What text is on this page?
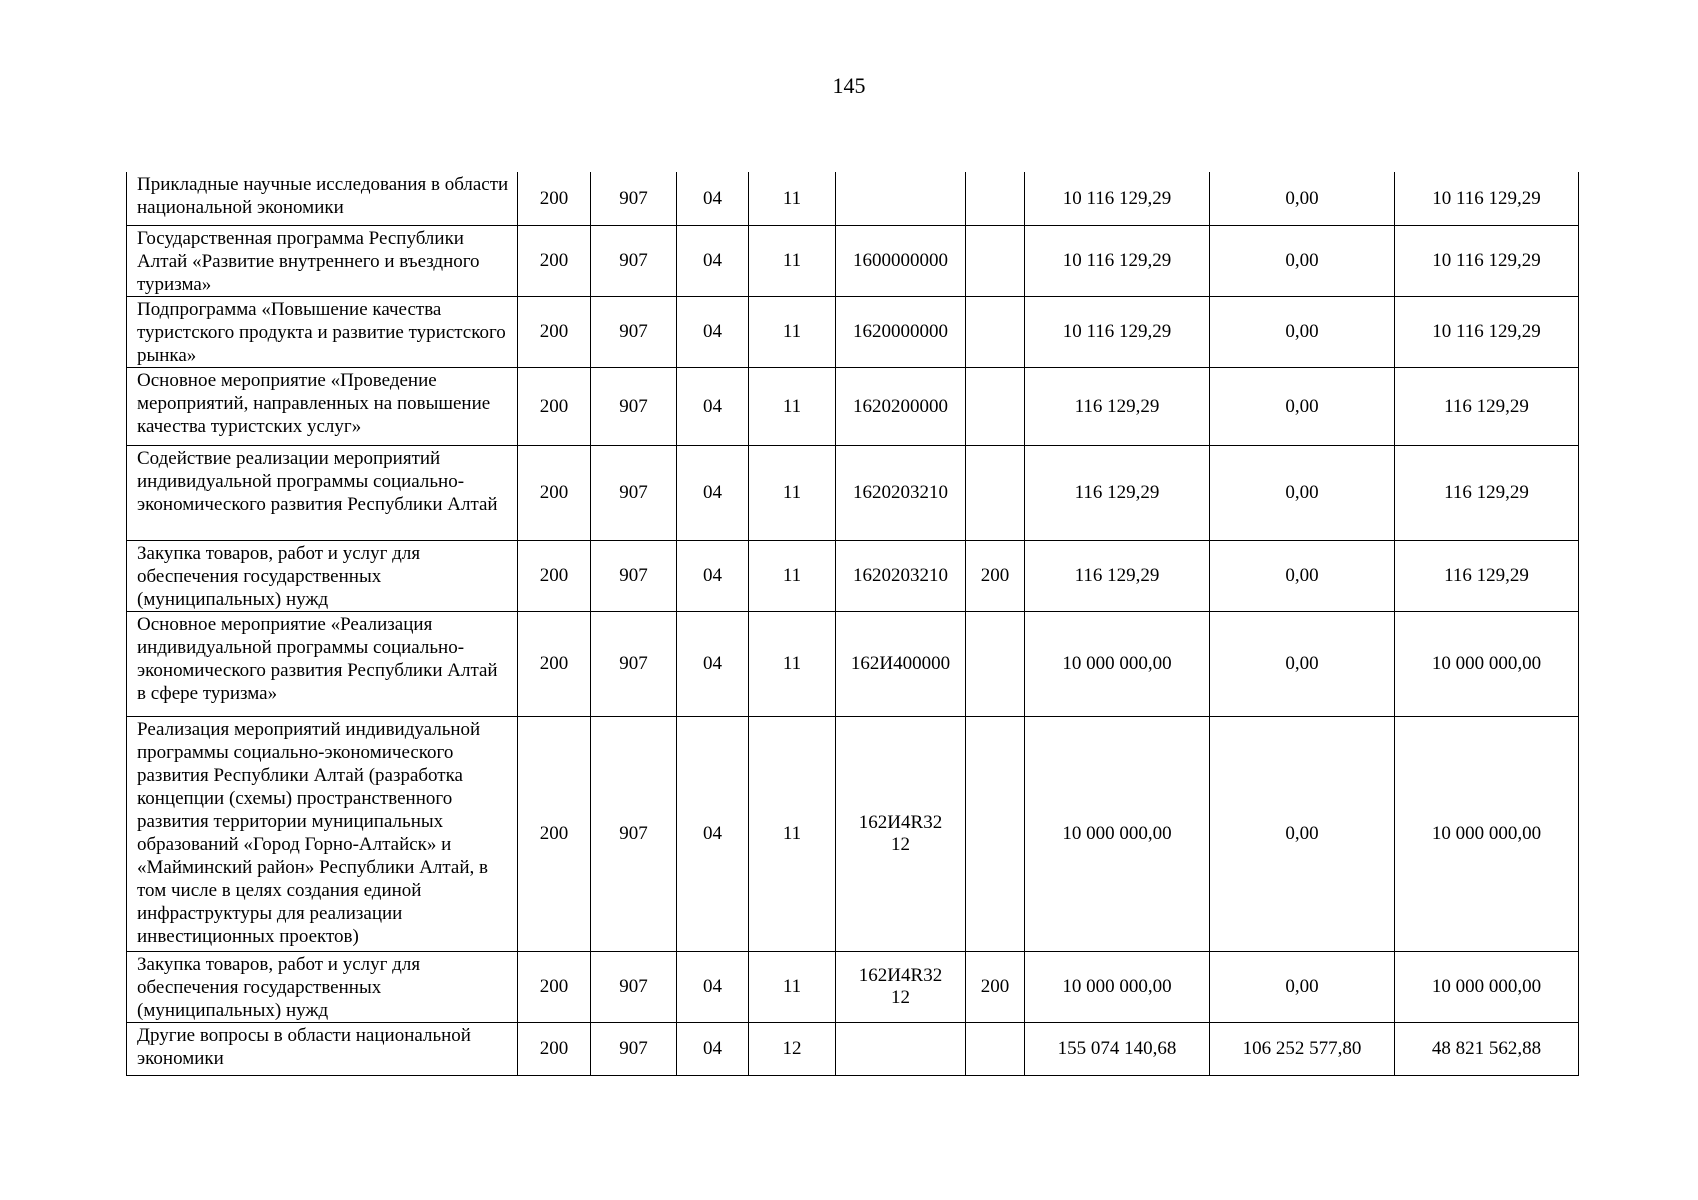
145
Прикладные научные исследования в области национальной экономики	200	907	04	11			10 116 129,29	0,00	10 116 129,29
Государственная программа Республики Алтай «Развитие внутреннего и въездного туризма»	200	907	04	11	1600000000		10 116 129,29	0,00	10 116 129,29
Подпрограмма «Повышение качества туристского продукта и развитие туристского рынка»	200	907	04	11	1620000000		10 116 129,29	0,00	10 116 129,29
Основное мероприятие «Проведение мероприятий, направленных на повышение качества туристских услуг»	200	907	04	11	1620200000		116 129,29	0,00	116 129,29
Содействие реализации мероприятий индивидуальной программы социально-экономического развития Республики Алтай	200	907	04	11	1620203210		116 129,29	0,00	116 129,29
Закупка товаров, работ и услуг для обеспечения государственных (муниципальных) нужд	200	907	04	11	1620203210	200	116 129,29	0,00	116 129,29
Основное мероприятие «Реализация индивидуальной программы социально-экономического развития Республики Алтай в сфере туризма»	200	907	04	11	162И400000		10 000 000,00	0,00	10 000 000,00
Реализация мероприятий индивидуальной программы социально-экономического развития Республики Алтай (разработка концепции (схемы) пространственного развития территории муниципальных образований «Город Горно-Алтайск» и «Майминский район» Республики Алтай, в том числе в целях создания единой инфраструктуры для реализации инвестиционных проектов)	200	907	04	11	162И4R3212		10 000 000,00	0,00	10 000 000,00
Закупка товаров, работ и услуг для обеспечения государственных (муниципальных) нужд	200	907	04	11	162И4R3212	200	10 000 000,00	0,00	10 000 000,00
Другие вопросы в области национальной экономики	200	907	04	12			155 074 140,68	106 252 577,80	48 821 562,88
